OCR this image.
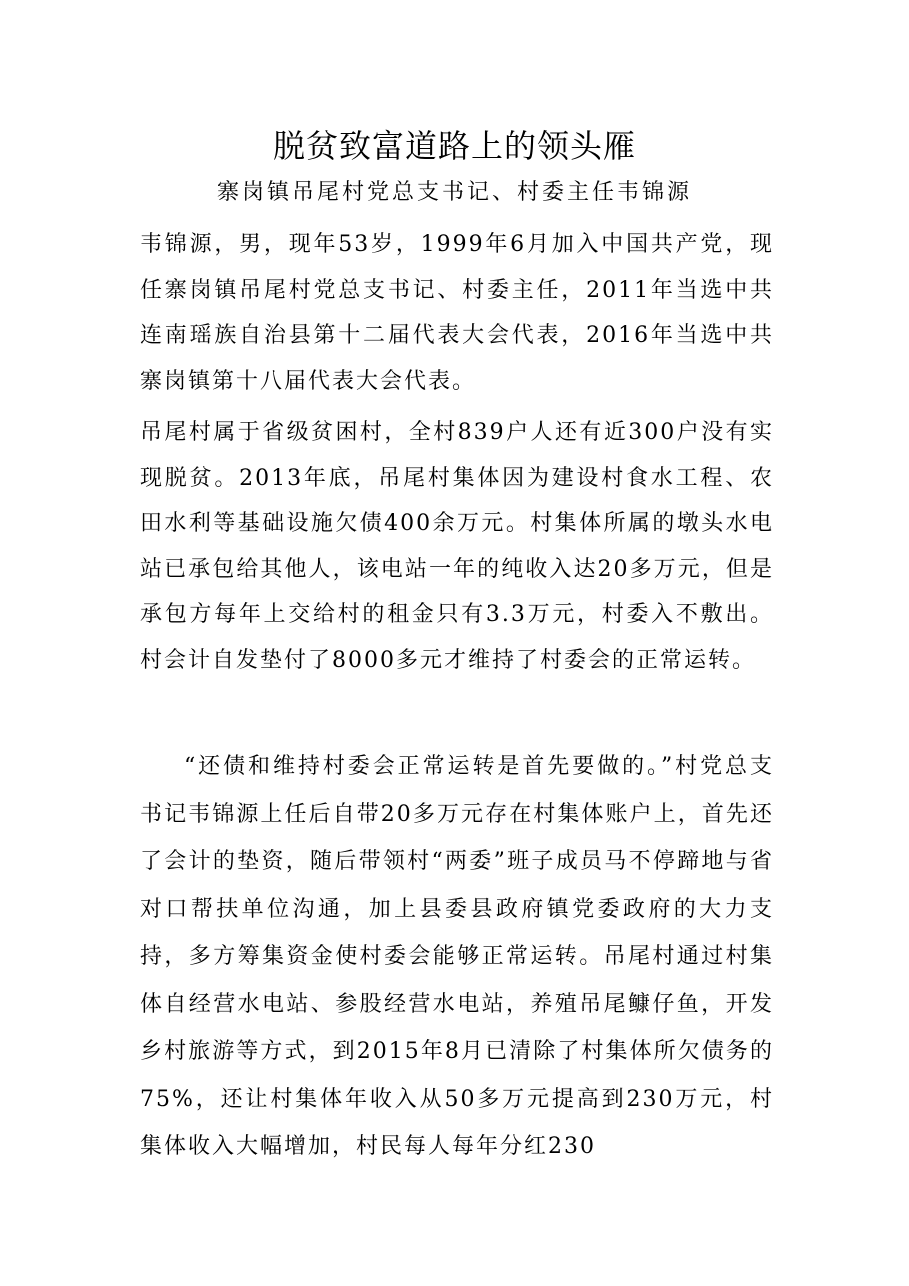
脱贫致富道路上的领头雁
寨岗镇吊尾村党总支书记、村委主任韦锦源

韦锦源，男，现年53岁，1999年6月加入中国共产党，现任寨岗镇吊尾村党总支书记、村委主任，2011年当选中共连南瑶族自治县第十二届代表大会代表，2016年当选中共寨岗镇第十八届代表大会代表。

吊尾村属于省级贫困村，全村839户人还有近300户没有实现脱贫。2013年底，吊尾村集体因为建设村食水工程、农田水利等基础设施欠债400余万元。村集体所属的墩头水电站已承包给其他人，该电站一年的纯收入达20多万元，但是承包方每年上交给村的租金只有3.3万元，村委入不敷出。村会计自发垫付了8000多元才维持了村委会的正常运转。

“还债和维持村委会正常运转是首先要做的。”村党总支书记韦锦源上任后自带20多万元存在村集体账户上，首先还了会计的垫资，随后带领村“两委”班子成员马不停蹄地与省对口帮扶单位沟通，加上县委县政府镇党委政府的大力支持，多方筹集资金使村委会能够正常运转。吊尾村通过村集体自经营水电站、参股经营水电站，养殖吊尾𩾌仔鱼，开发乡村旅游等方式，到2015年8月已清除了村集体所欠债务的75%，还让村集体年收入从50多万元提高到230万元，村集体收入大幅增加，村民每人每年分红230
